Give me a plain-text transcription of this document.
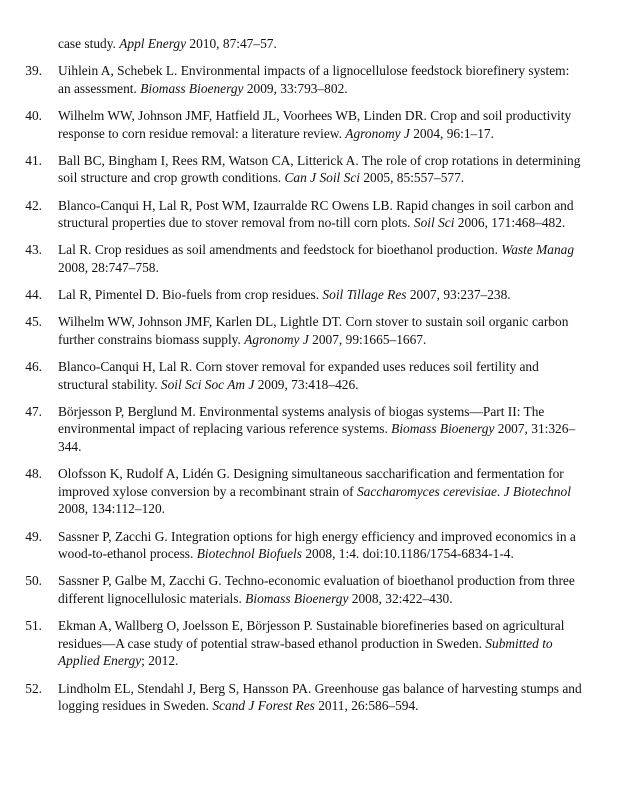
case study. Appl Energy 2010, 87:47–57.
39. Uihlein A, Schebek L. Environmental impacts of a lignocellulose feedstock biorefinery system: an assessment. Biomass Bioenergy 2009, 33:793–802.
40. Wilhelm WW, Johnson JMF, Hatfield JL, Voorhees WB, Linden DR. Crop and soil productivity response to corn residue removal: a literature review. Agronomy J 2004, 96:1–17.
41. Ball BC, Bingham I, Rees RM, Watson CA, Litterick A. The role of crop rotations in determining soil structure and crop growth conditions. Can J Soil Sci 2005, 85:557–577.
42. Blanco-Canqui H, Lal R, Post WM, Izaurralde RC Owens LB. Rapid changes in soil carbon and structural properties due to stover removal from no-till corn plots. Soil Sci 2006, 171:468–482.
43. Lal R. Crop residues as soil amendments and feedstock for bioethanol production. Waste Manag 2008, 28:747–758.
44. Lal R, Pimentel D. Bio-fuels from crop residues. Soil Tillage Res 2007, 93:237–238.
45. Wilhelm WW, Johnson JMF, Karlen DL, Lightle DT. Corn stover to sustain soil organic carbon further constrains biomass supply. Agronomy J 2007, 99:1665–1667.
46. Blanco-Canqui H, Lal R. Corn stover removal for expanded uses reduces soil fertility and structural stability. Soil Sci Soc Am J 2009, 73:418–426.
47. Börjesson P, Berglund M. Environmental systems analysis of biogas systems—Part II: The environmental impact of replacing various reference systems. Biomass Bioenergy 2007, 31:326–344.
48. Olofsson K, Rudolf A, Lidén G. Designing simultaneous saccharification and fermentation for improved xylose conversion by a recombinant strain of Saccharomyces cerevisiae. J Biotechnol 2008, 134:112–120.
49. Sassner P, Zacchi G. Integration options for high energy efficiency and improved economics in a wood-to-ethanol process. Biotechnol Biofuels 2008, 1:4. doi:10.1186/1754-6834-1-4.
50. Sassner P, Galbe M, Zacchi G. Techno-economic evaluation of bioethanol production from three different lignocellulosic materials. Biomass Bioenergy 2008, 32:422–430.
51. Ekman A, Wallberg O, Joelsson E, Börjesson P. Sustainable biorefineries based on agricultural residues—A case study of potential straw-based ethanol production in Sweden. Submitted to Applied Energy; 2012.
52. Lindholm EL, Stendahl J, Berg S, Hansson PA. Greenhouse gas balance of harvesting stumps and logging residues in Sweden. Scand J Forest Res 2011, 26:586–594.
